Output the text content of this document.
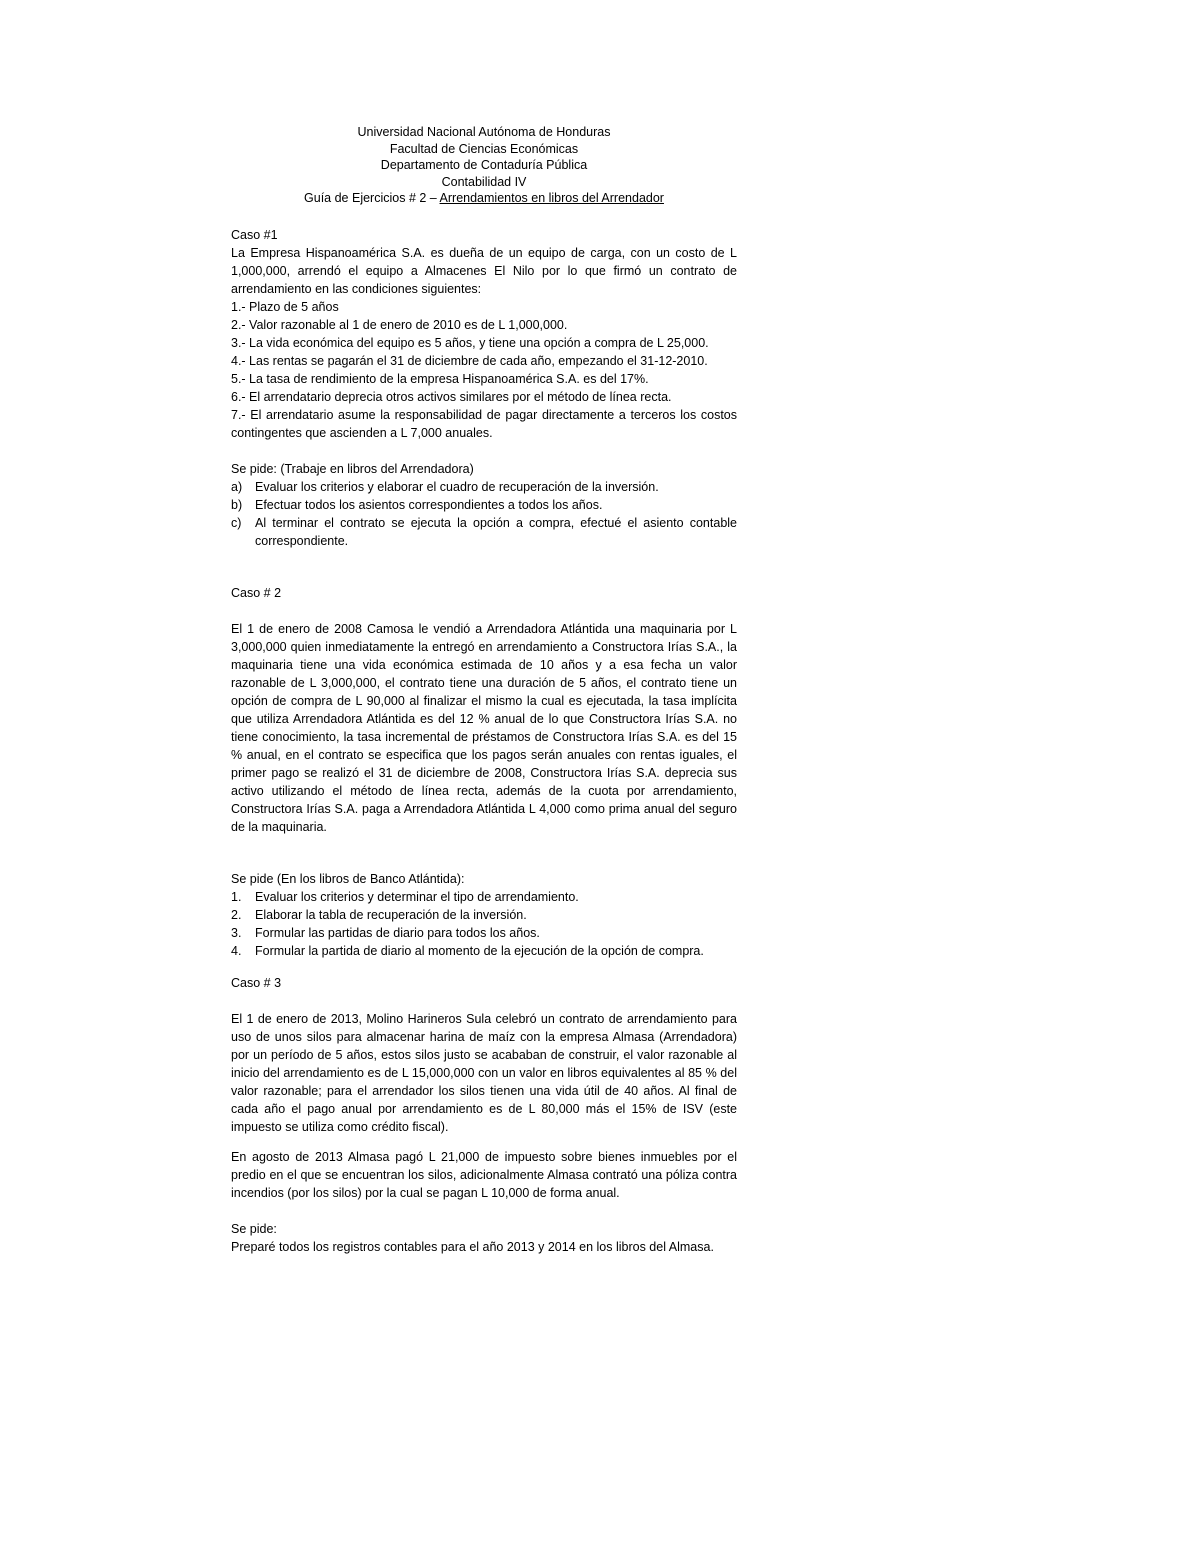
Universidad Nacional Autónoma de Honduras
Facultad de Ciencias Económicas
Departamento de Contaduría Pública
Contabilidad IV
Guía de Ejercicios # 2 – Arrendamientos en libros del Arrendador

Caso #1

La Empresa Hispanoamérica S.A. es dueña de un equipo de carga, con un costo de L 1,000,000, arrendó el equipo a Almacenes El Nilo por lo que firmó un contrato de arrendamiento en las condiciones siguientes:

1.- Plazo de 5 años
2.- Valor razonable al 1 de enero de 2010 es de L 1,000,000.
3.- La vida económica del equipo es 5 años, y tiene una opción a compra de L 25,000.
4.- Las rentas se pagarán el 31 de diciembre de cada año, empezando el 31-12-2010.
5.- La tasa de rendimiento de la empresa Hispanoamérica S.A. es del 17%.
6.- El arrendatario deprecia otros activos similares por el método de línea recta.
7.- El arrendatario asume la responsabilidad de pagar directamente a terceros los costos contingentes que ascienden a L 7,000 anuales.

Se pide: (Trabaje en libros del Arrendadora)

a)	Evaluar los criterios y elaborar el cuadro de recuperación de la inversión.
b)	Efectuar todos los asientos correspondientes a todos los años.
c)	Al terminar el contrato se ejecuta la opción a compra, efectué el asiento contable correspondiente.

Caso # 2

El 1 de enero de 2008 Camosa le vendió a Arrendadora Atlántida una maquinaria por L 3,000,000 quien inmediatamente la entregó en arrendamiento a Constructora Irías S.A., la maquinaria tiene una vida económica estimada de 10 años y a esa fecha un valor razonable de L 3,000,000, el contrato tiene una duración de 5 años, el contrato tiene un opción de compra de L 90,000 al finalizar el mismo la cual es ejecutada, la tasa implícita que utiliza Arrendadora Atlántida es del 12 % anual de lo que Constructora Irías S.A. no tiene conocimiento, la tasa incremental de préstamos de Constructora Irías S.A. es del 15 % anual, en el contrato se especifica que los pagos serán anuales con rentas iguales, el primer pago se realizó el 31 de diciembre de 2008, Constructora Irías S.A. deprecia sus activo utilizando el método de línea recta, además de la cuota por arrendamiento, Constructora Irías S.A. paga a Arrendadora Atlántida L 4,000 como prima anual del seguro de la maquinaria.

Se pide (En los libros de Banco Atlántida):

1.	Evaluar los criterios y determinar el tipo de arrendamiento.
2.	Elaborar la tabla de recuperación de la inversión.
3.	Formular las partidas de diario para todos los años.
4.	Formular la partida de diario al momento de la ejecución de la opción de compra.

Caso # 3

El 1 de enero de 2013, Molino Harineros Sula celebró un contrato de arrendamiento para uso de unos silos para almacenar harina de maíz con la empresa Almasa (Arrendadora) por un período de 5 años, estos silos justo se acababan de construir, el valor razonable al inicio del arrendamiento es de L 15,000,000 con un valor en libros equivalentes al 85 % del valor razonable; para el arrendador los silos tienen una vida útil de 40 años. Al final de cada año el pago anual por arrendamiento es de L 80,000 más el 15% de ISV (este impuesto se utiliza como crédito fiscal).

En agosto de 2013 Almasa pagó L 21,000 de impuesto sobre bienes inmuebles por el predio en el que se encuentran los silos, adicionalmente Almasa contrató una póliza contra incendios (por los silos) por la cual se pagan L 10,000 de forma anual.

Se pide:

Preparé todos los registros contables para el año 2013 y 2014 en los libros del Almasa.
